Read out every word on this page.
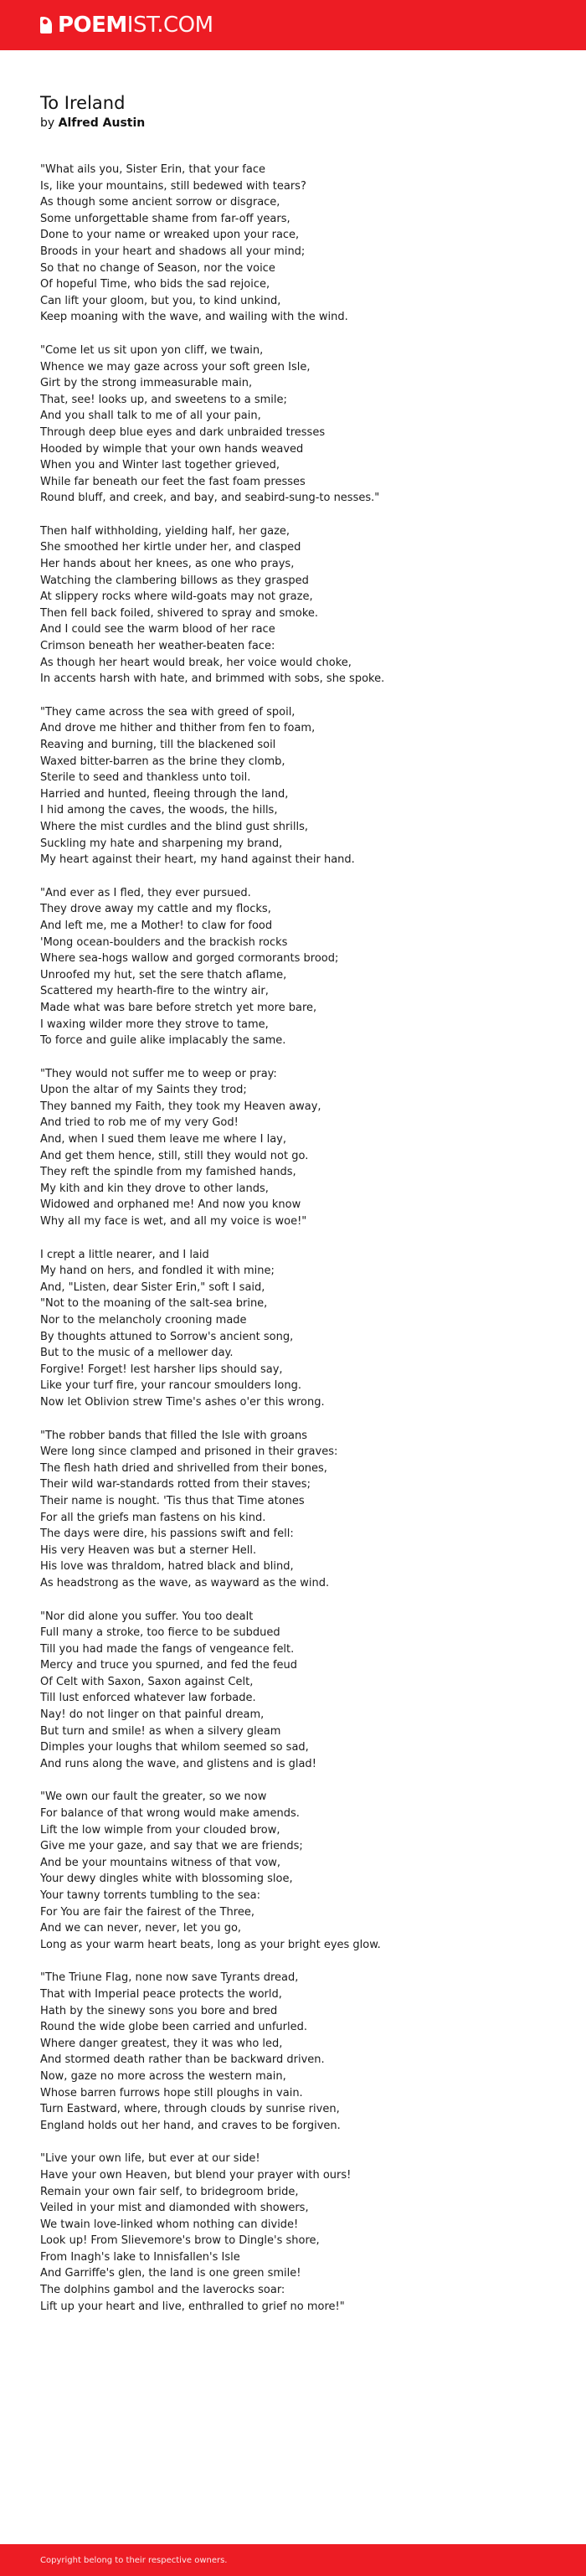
POEMIST.COM
To Ireland
by Alfred Austin
"What ails you, Sister Erin, that your face
Is, like your mountains, still bedewed with tears?
As though some ancient sorrow or disgrace,
Some unforgettable shame from far-off years,
Done to your name or wreaked upon your race,
Broods in your heart and shadows all your mind;
So that no change of Season, nor the voice
Of hopeful Time, who bids the sad rejoice,
Can lift your gloom, but you, to kind unkind,
Keep moaning with the wave, and wailing with the wind.
"Come let us sit upon yon cliff, we twain,
Whence we may gaze across your soft green Isle,
Girt by the strong immeasurable main,
That, see! looks up, and sweetens to a smile;
And you shall talk to me of all your pain,
Through deep blue eyes and dark unbraided tresses
Hooded by wimple that your own hands weaved
When you and Winter last together grieved,
While far beneath our feet the fast foam presses
Round bluff, and creek, and bay, and seabird-sung-to nesses."
Then half withholding, yielding half, her gaze,
She smoothed her kirtle under her, and clasped
Her hands about her knees, as one who prays,
Watching the clambering billows as they grasped
At slippery rocks where wild-goats may not graze,
Then fell back foiled, shivered to spray and smoke.
And I could see the warm blood of her race
Crimson beneath her weather-beaten face:
As though her heart would break, her voice would choke,
In accents harsh with hate, and brimmed with sobs, she spoke.
"They came across the sea with greed of spoil,
And drove me hither and thither from fen to foam,
Reaving and burning, till the blackened soil
Waxed bitter-barren as the brine they clomb,
Sterile to seed and thankless unto toil.
Harried and hunted, fleeing through the land,
I hid among the caves, the woods, the hills,
Where the mist curdles and the blind gust shrills,
Suckling my hate and sharpening my brand,
My heart against their heart, my hand against their hand.
"And ever as I fled, they ever pursued.
They drove away my cattle and my flocks,
And left me, me a Mother! to claw for food
'Mong ocean-boulders and the brackish rocks
Where sea-hogs wallow and gorged cormorants brood;
Unroofed my hut, set the sere thatch aflame,
Scattered my hearth-fire to the wintry air,
Made what was bare before stretch yet more bare,
I waxing wilder more they strove to tame,
To force and guile alike implacably the same.
"They would not suffer me to weep or pray:
Upon the altar of my Saints they trod;
They banned my Faith, they took my Heaven away,
And tried to rob me of my very God!
And, when I sued them leave me where I lay,
And get them hence, still, still they would not go.
They reft the spindle from my famished hands,
My kith and kin they drove to other lands,
Widowed and orphaned me! And now you know
Why all my face is wet, and all my voice is woe!"
I crept a little nearer, and I laid
My hand on hers, and fondled it with mine;
And, "Listen, dear Sister Erin," soft I said,
"Not to the moaning of the salt-sea brine,
Nor to the melancholy crooning made
By thoughts attuned to Sorrow's ancient song,
But to the music of a mellower day.
Forgive! Forget! lest harsher lips should say,
Like your turf fire, your rancour smoulders long.
Now let Oblivion strew Time's ashes o'er this wrong.
"The robber bands that filled the Isle with groans
Were long since clamped and prisoned in their graves:
The flesh hath dried and shrivelled from their bones,
Their wild war-standards rotted from their staves;
Their name is nought. 'Tis thus that Time atones
For all the griefs man fastens on his kind.
The days were dire, his passions swift and fell:
His very Heaven was but a sterner Hell.
His love was thraldom, hatred black and blind,
As headstrong as the wave, as wayward as the wind.
"Nor did alone you suffer. You too dealt
Full many a stroke, too fierce to be subdued
Till you had made the fangs of vengeance felt.
Mercy and truce you spurned, and fed the feud
Of Celt with Saxon, Saxon against Celt,
Till lust enforced whatever law forbade.
Nay! do not linger on that painful dream,
But turn and smile! as when a silvery gleam
Dimples your loughs that whilom seemed so sad,
And runs along the wave, and glistens and is glad!
"We own our fault the greater, so we now
For balance of that wrong would make amends.
Lift the low wimple from your clouded brow,
Give me your gaze, and say that we are friends;
And be your mountains witness of that vow,
Your dewy dingles white with blossoming sloe,
Your tawny torrents tumbling to the sea:
For You are fair the fairest of the Three,
And we can never, never, let you go,
Long as your warm heart beats, long as your bright eyes glow.
"The Triune Flag, none now save Tyrants dread,
That with Imperial peace protects the world,
Hath by the sinewy sons you bore and bred
Round the wide globe been carried and unfurled.
Where danger greatest, they it was who led,
And stormed death rather than be backward driven.
Now, gaze no more across the western main,
Whose barren furrows hope still ploughs in vain.
Turn Eastward, where, through clouds by sunrise riven,
England holds out her hand, and craves to be forgiven.
"Live your own life, but ever at our side!
Have your own Heaven, but blend your prayer with ours!
Remain your own fair self, to bridegroom bride,
Veiled in your mist and diamonded with showers,
We twain love-linked whom nothing can divide!
Look up! From Slievemore's brow to Dingle's shore,
From Inagh's lake to Innisfallen's Isle
And Garriffe's glen, the land is one green smile!
The dolphins gambol and the laverocks soar:
Lift up your heart and live, enthralled to grief no more!"
Copyright belong to their respective owners.
